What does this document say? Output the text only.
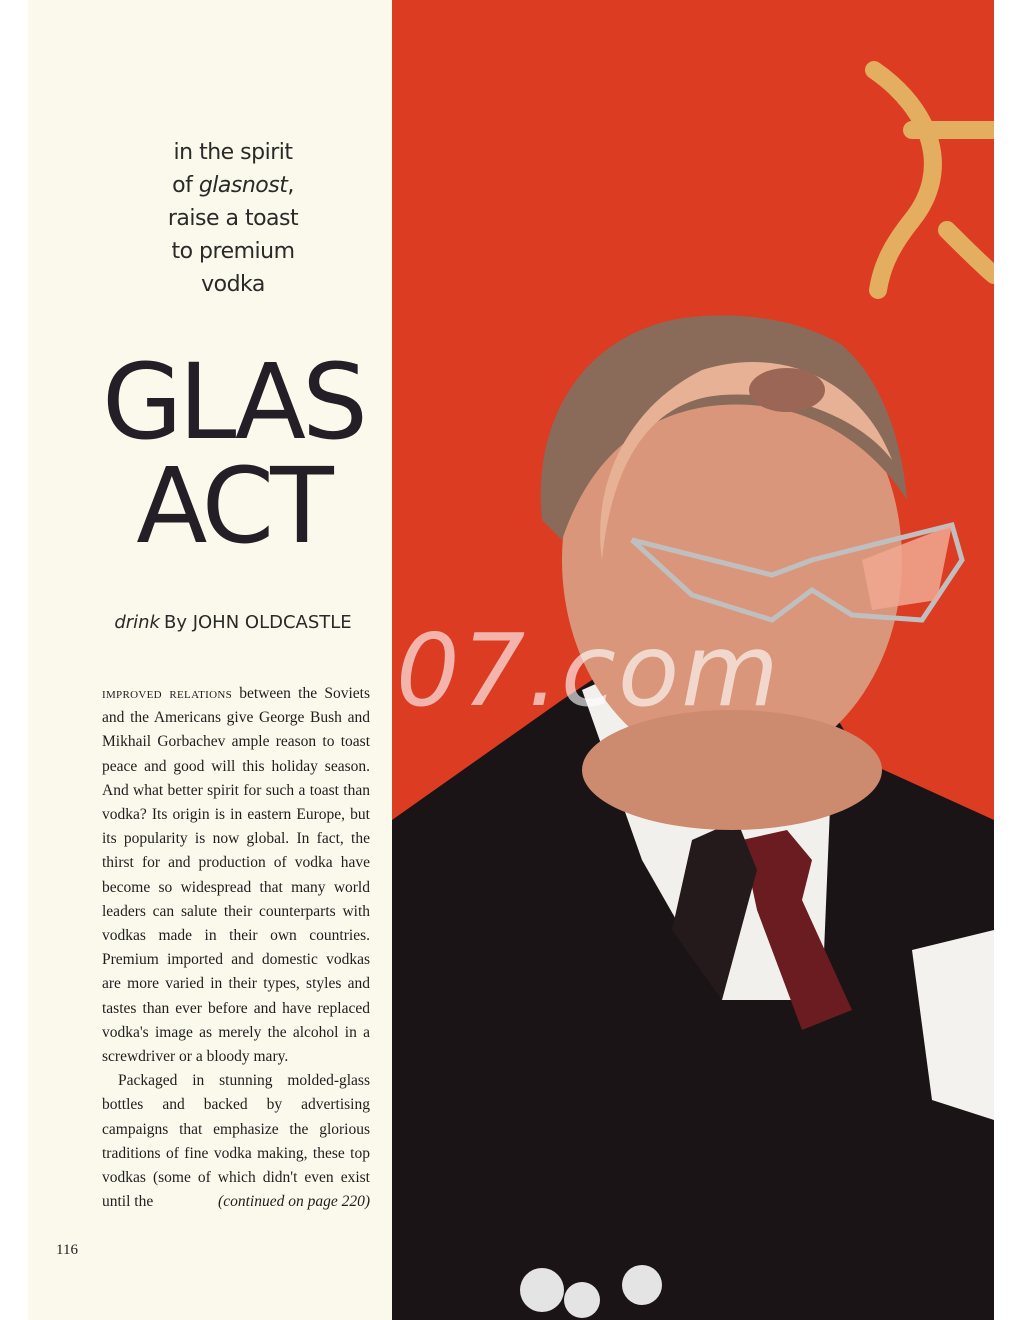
in the spirit
of glasnost,
raise a toast
to premium
vodka
GLAS
ACT
drink By JOHN OLDCASTLE

improved relations between the Soviets and the Americans give George Bush and Mikhail Gorbachev ample reason to toast peace and good will this holiday season. And what better spirit for such a toast than vodka? Its origin is in eastern Europe, but its popularity is now global. In fact, the thirst for and production of vodka have become so widespread that many world leaders can salute their counterparts with vodkas made in their own countries. Premium imported and domestic vodkas are more varied in their types, styles and tastes than ever before and have replaced vodka's image as merely the alcohol in a screwdriver or a bloody mary.

Packaged in stunning molded-glass bottles and backed by advertising campaigns that emphasize the glorious traditions of fine vodka making, these top vodkas (some of which didn't even exist until the	(continued on page 220)

116
07.com
